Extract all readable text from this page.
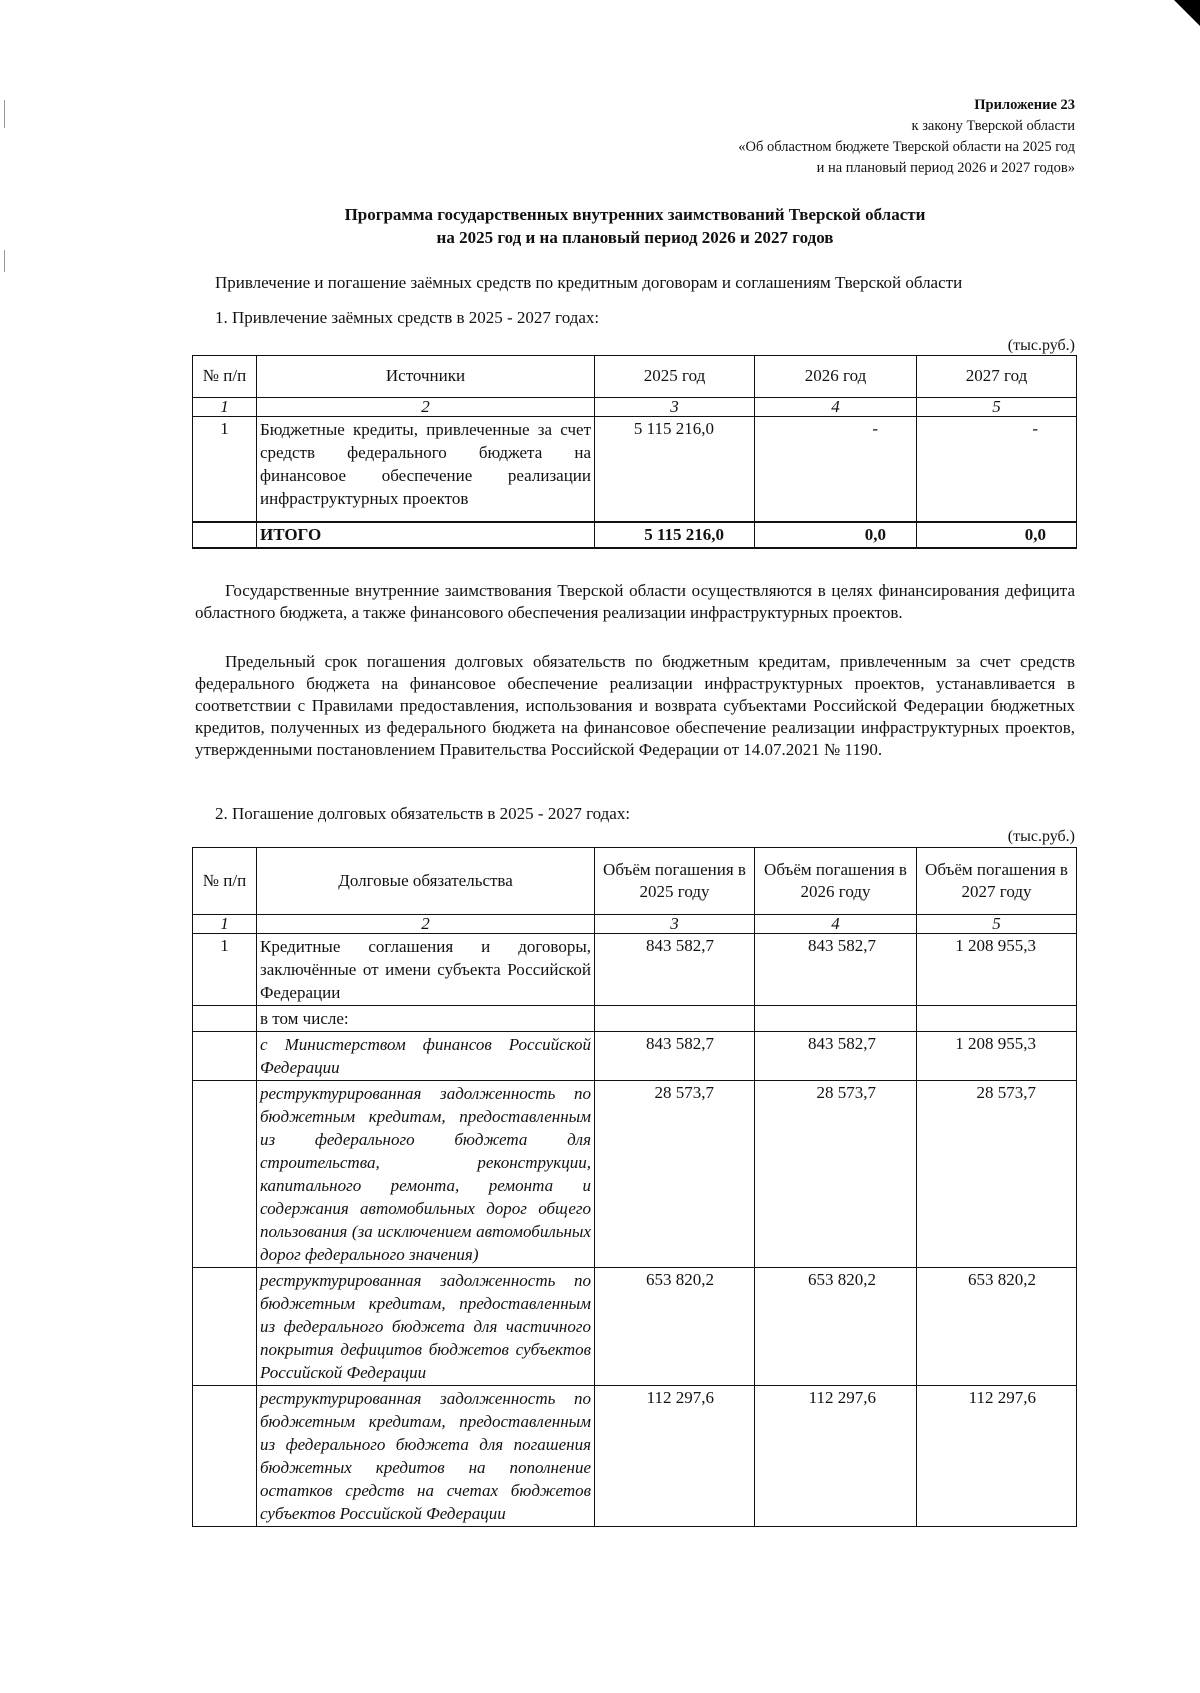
Приложение 23
к закону Тверской области
«Об областном бюджете Тверской области на 2025 год
и на плановый период 2026 и 2027 годов»
Программа государственных внутренних заимствований Тверской области
на 2025 год и на плановый период 2026 и 2027 годов
Привлечение и погашение заёмных средств по кредитным договорам и соглашениям Тверской области
1. Привлечение заёмных средств в 2025 - 2027 годах:
(тыс.руб.)
№ п/п	Источники	2025 год	2026 год	2027 год
1	2	3	4	5
1	Бюджетные кредиты, привлеченные за счет средств федерального бюджета на финансовое обеспечение реализации инфраструктурных проектов	5 115 216,0	-	-
	ИТОГО	5 115 216,0	0,0	0,0
Государственные внутренние заимствования Тверской области осуществляются в целях финансирования дефицита областного бюджета, а также финансового обеспечения реализации инфраструктурных проектов.
Предельный срок погашения долговых обязательств по бюджетным кредитам, привлеченным за счет средств федерального бюджета на финансовое обеспечение реализации инфраструктурных проектов, устанавливается в соответствии с Правилами предоставления, использования и возврата субъектами Российской Федерации бюджетных кредитов, полученных из федерального бюджета на финансовое обеспечение реализации инфраструктурных проектов, утвержденными постановлением Правительства Российской Федерации от 14.07.2021 № 1190.
2. Погашение долговых обязательств в 2025 - 2027 годах:
(тыс.руб.)
№ п/п	Долговые обязательства	Объём погашения в 2025 году	Объём погашения в 2026 году	Объём погашения в 2027 году
1	2	3	4	5
1	Кредитные соглашения и договоры, заключённые от имени субъекта Российской Федерации	843 582,7	843 582,7	1 208 955,3
	в том числе:			
	с Министерством финансов Российской Федерации	843 582,7	843 582,7	1 208 955,3
	реструктурированная задолженность по бюджетным кредитам, предоставленным из федерального бюджета для строительства, реконструкции, капитального ремонта, ремонта и содержания автомобильных дорог общего пользования (за исключением автомобильных дорог федерального значения)	28 573,7	28 573,7	28 573,7
	реструктурированная задолженность по бюджетным кредитам, предоставленным из федерального бюджета для частичного покрытия дефицитов бюджетов субъектов Российской Федерации	653 820,2	653 820,2	653 820,2
	реструктурированная задолженность по бюджетным кредитам, предоставленным из федерального бюджета для погашения бюджетных кредитов на пополнение остатков средств на счетах бюджетов субъектов Российской Федерации	112 297,6	112 297,6	112 297,6
